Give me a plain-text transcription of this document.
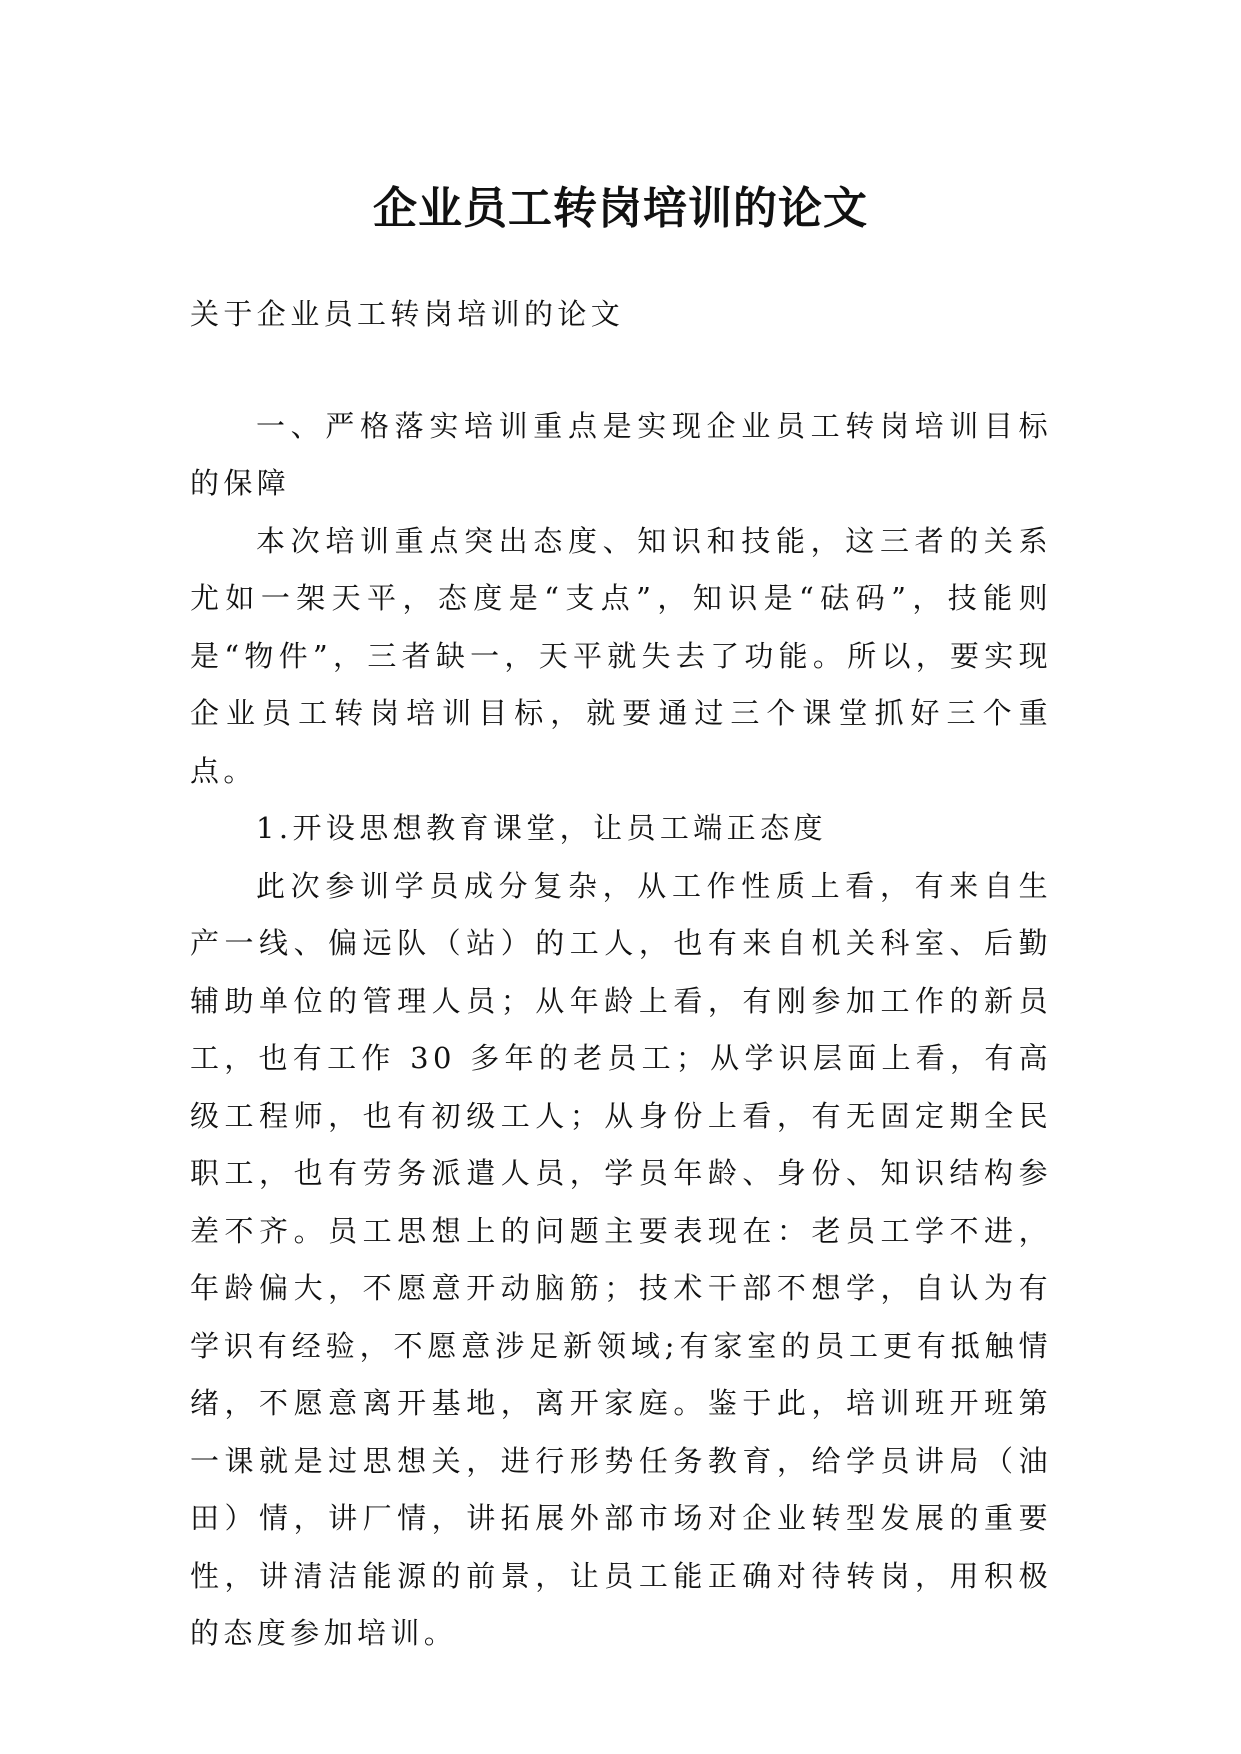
企业员工转岗培训的论文

关于企业员工转岗培训的论文

一、严格落实培训重点是实现企业员工转岗培训目标的保障

本次培训重点突出态度、知识和技能，这三者的关系尤如一架天平，态度是“支点”，知识是“砝码”，技能则是“物件”，三者缺一，天平就失去了功能。所以，要实现企业员工转岗培训目标，就要通过三个课堂抓好三个重点。

1.开设思想教育课堂，让员工端正态度

此次参训学员成分复杂，从工作性质上看，有来自生产一线、偏远队（站）的工人，也有来自机关科室、后勤辅助单位的管理人员；从年龄上看，有刚参加工作的新员工，也有工作 30 多年的老员工；从学识层面上看，有高级工程师，也有初级工人；从身份上看，有无固定期全民职工，也有劳务派遣人员，学员年龄、身份、知识结构参差不齐。员工思想上的问题主要表现在：老员工学不进，年龄偏大，不愿意开动脑筋；技术干部不想学，自认为有学识有经验，不愿意涉足新领域;有家室的员工更有抵触情绪，不愿意离开基地，离开家庭。鉴于此，培训班开班第一课就是过思想关，进行形势任务教育，给学员讲局（油田）情，讲厂情，讲拓展外部市场对企业转型发展的重要性，讲清洁能源的前景，让员工能正确对待转岗，用积极的态度参加培训。
